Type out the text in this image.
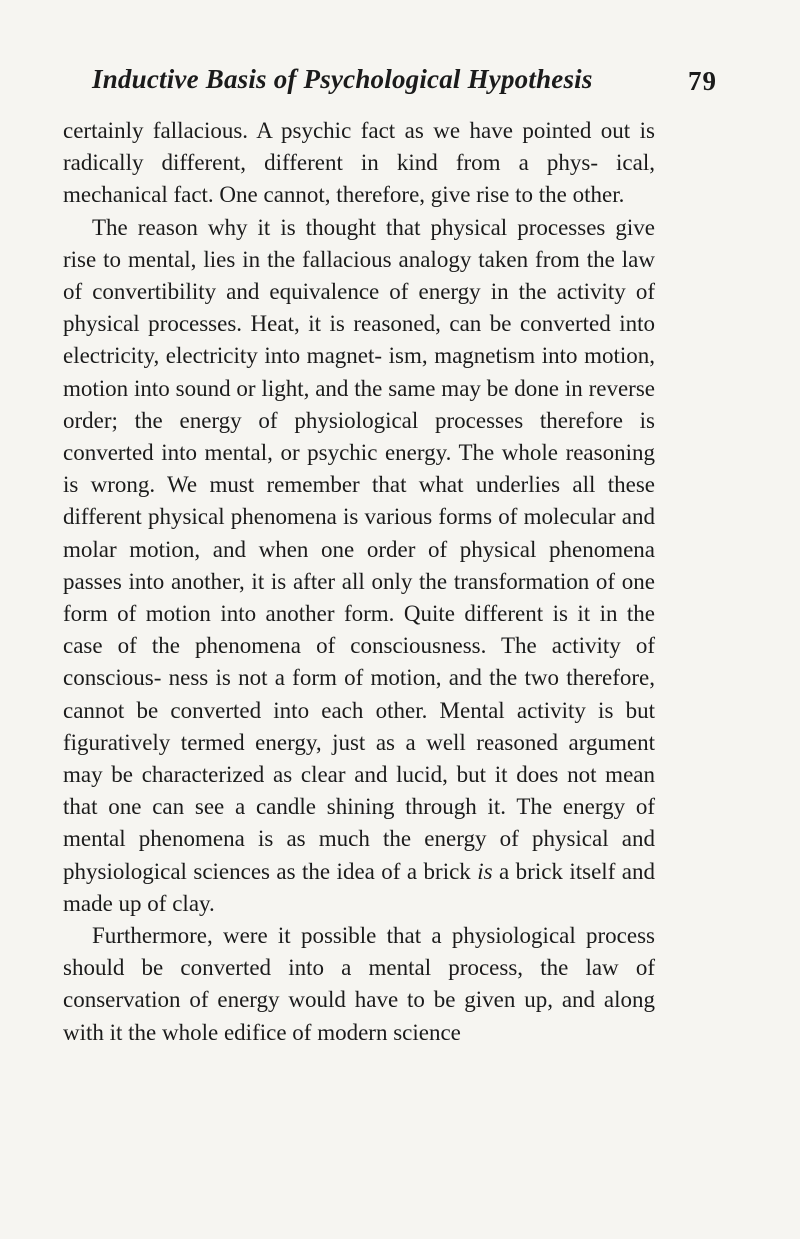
Inductive Basis of Psychological Hypothesis	79

certainly fallacious. A psychic fact as we have pointed out is radically different, different in kind from a phys- ical, mechanical fact. One cannot, therefore, give rise to the other.

The reason why it is thought that physical processes give rise to mental, lies in the fallacious analogy taken from the law of convertibility and equivalence of energy in the activity of physical processes. Heat, it is reasoned, can be converted into electricity, electricity into magnet- ism, magnetism into motion, motion into sound or light, and the same may be done in reverse order; the energy of physiological processes therefore is converted into mental, or psychic energy. The whole reasoning is wrong. We must remember that what underlies all these different physical phenomena is various forms of molecular and molar motion, and when one order of physical phenomena passes into another, it is after all only the transformation of one form of motion into another form. Quite different is it in the case of the phenomena of consciousness. The activity of conscious- ness is not a form of motion, and the two therefore, cannot be converted into each other. Mental activity is but figuratively termed energy, just as a well reasoned argument may be characterized as clear and lucid, but it does not mean that one can see a candle shining through it. The energy of mental phenomena is as much the energy of physical and physiological sciences as the idea of a brick is a brick itself and made up of clay.

Furthermore, were it possible that a physiological process should be converted into a mental process, the law of conservation of energy would have to be given up, and along with it the whole edifice of modern science
